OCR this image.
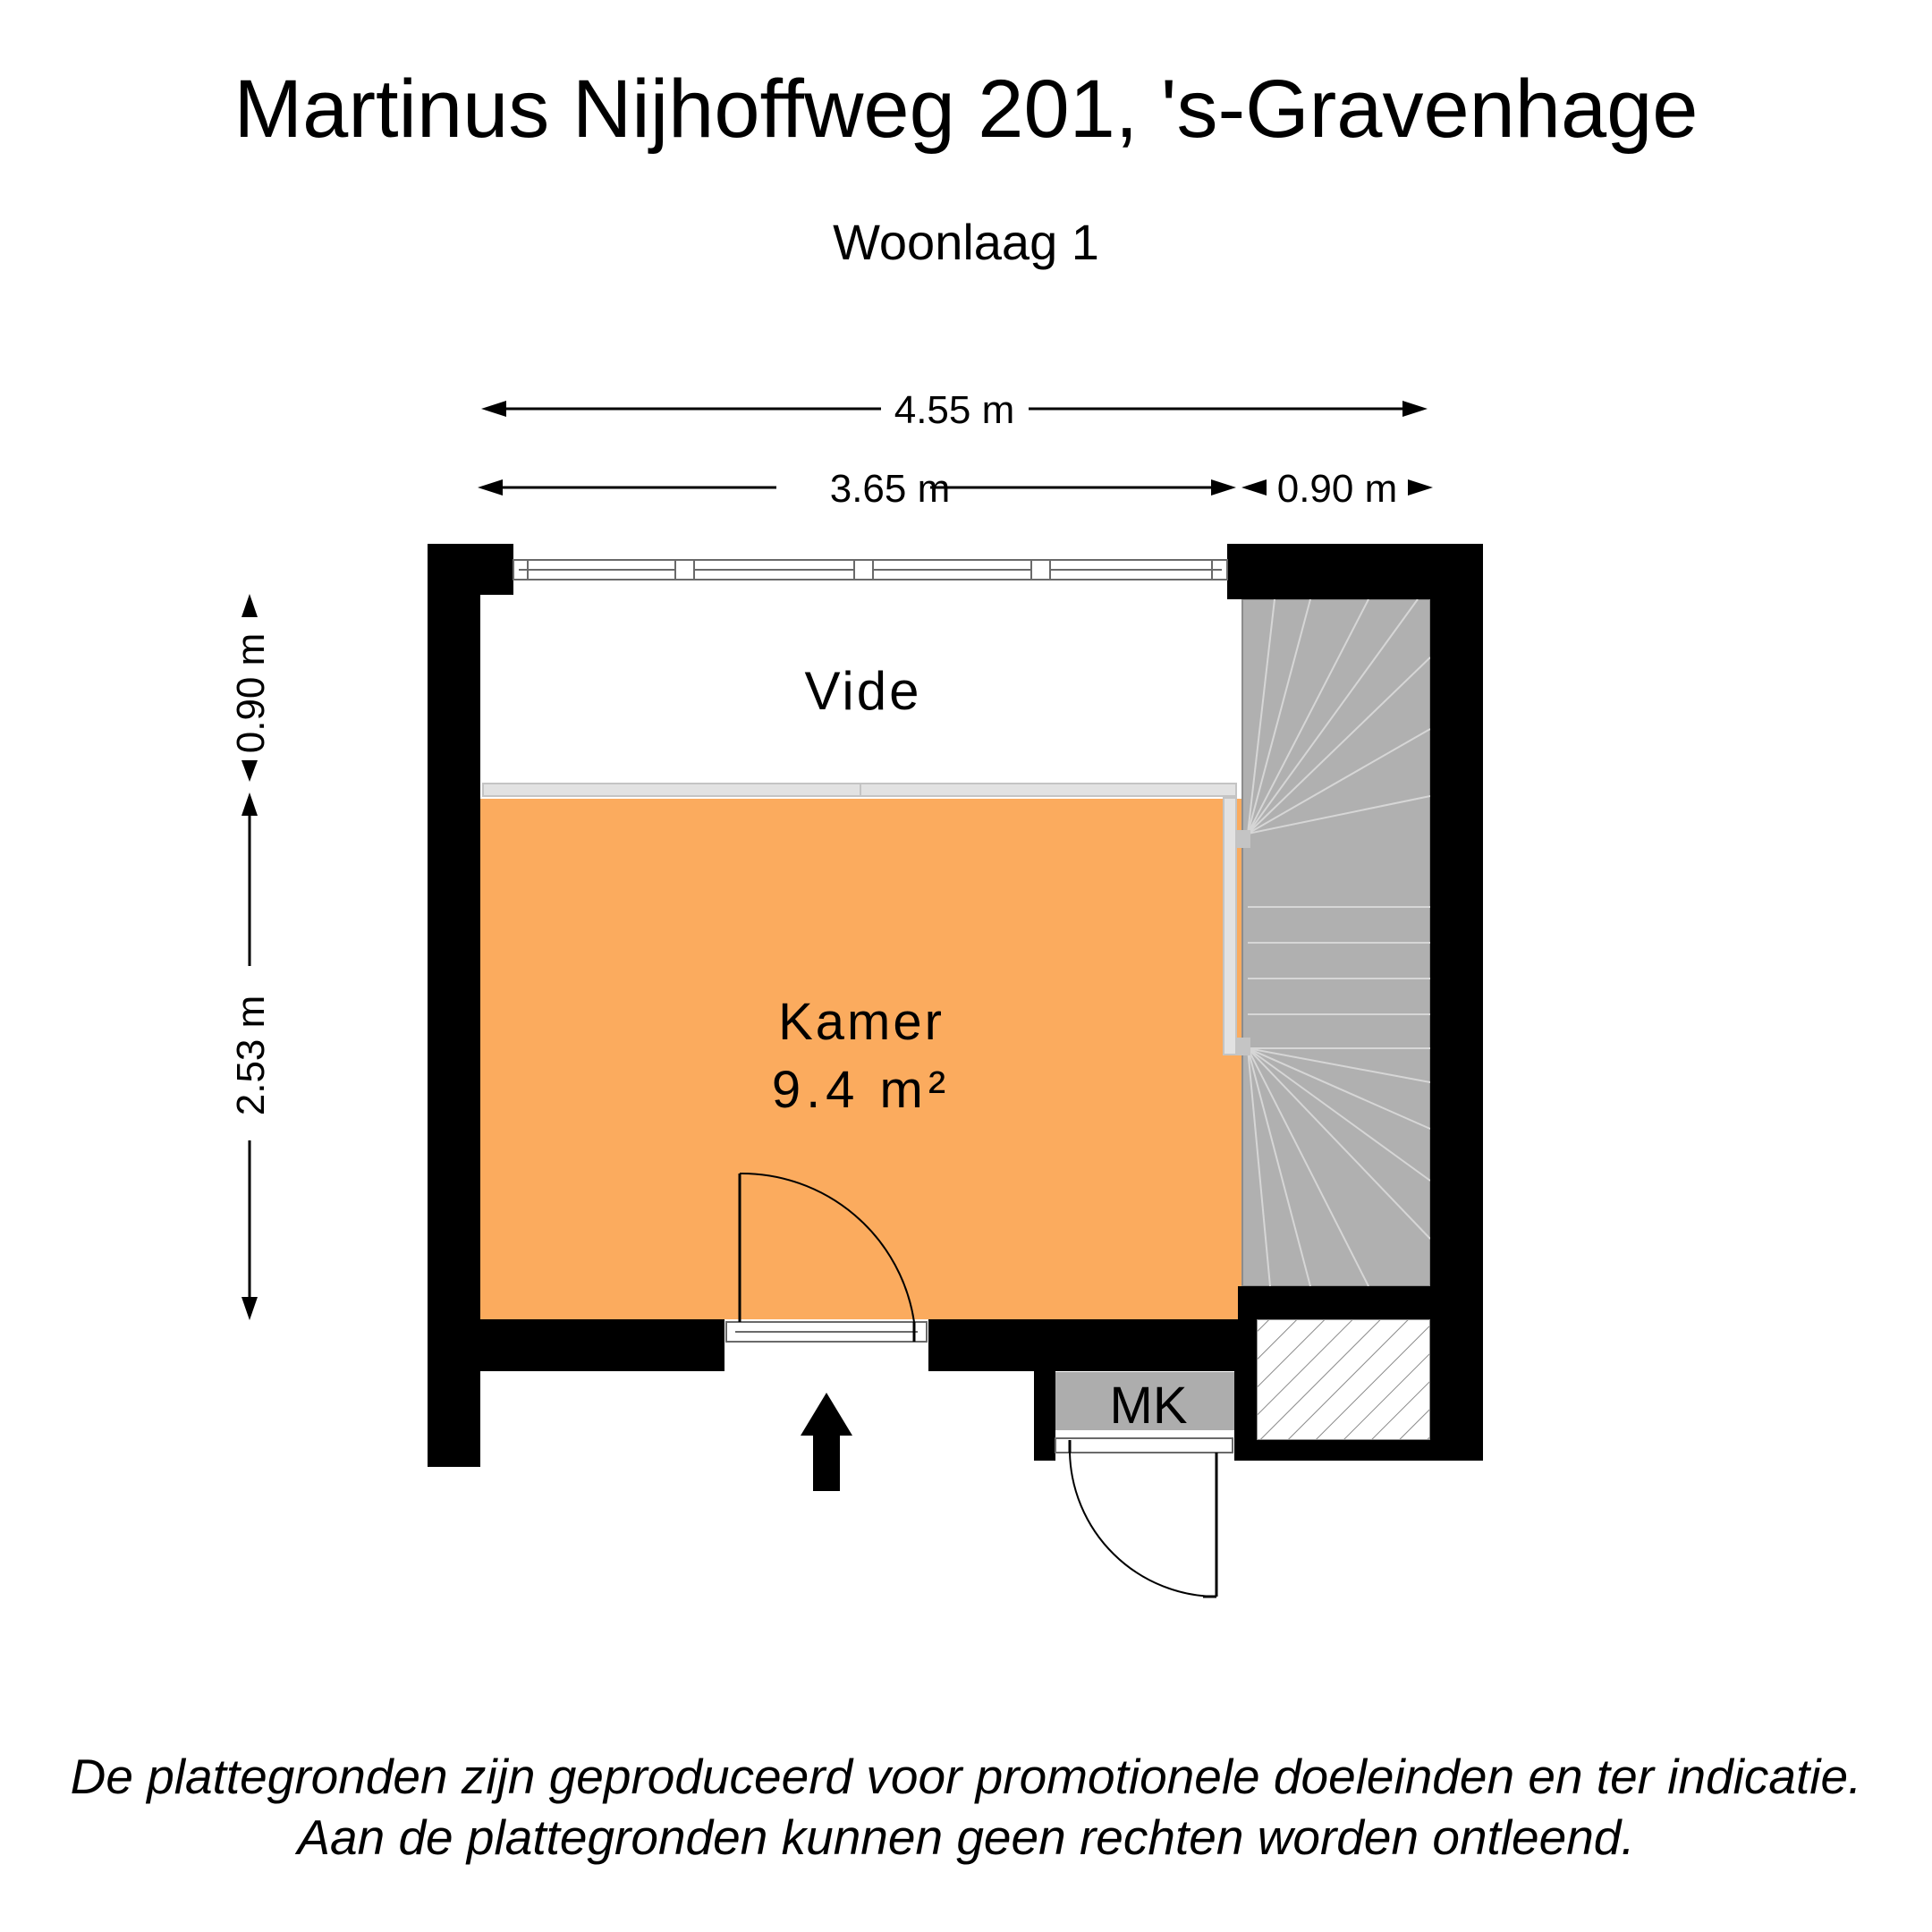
Martinus Nijhoffweg 201, 's-Gravenhage
Woonlaag 1
4.55 m
3.65 m	0.90 m
0.90 m
2.53 m
Vide
Kamer
9.4 m²
MK
De plattegronden zijn geproduceerd voor promotionele doeleinden en ter indicatie.
Aan de plattegronden kunnen geen rechten worden ontleend.
